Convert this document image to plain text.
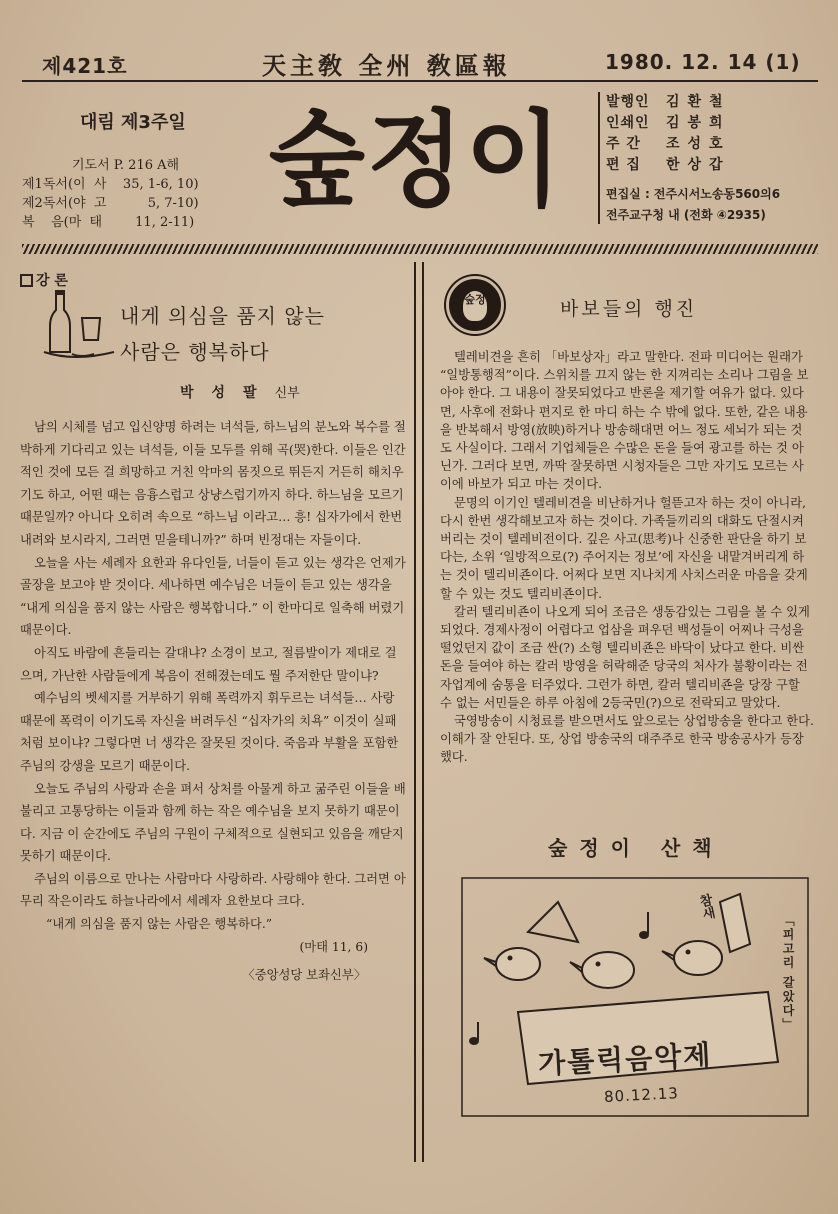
제421호	天主敎 全州 敎區報	1980. 12. 14 (1)
대림 제3주일
기도서 P. 216 A해
제1독서(이  사    35, 1-6, 10)
제2독서(야  고          5, 7-10)
복    음(마  태        11, 2-11)
숲정이	발행인	김환철
인쇄인	김봉희
주 간	조성호
편 집	한상갑
편집실 : 전주시서노송동560의6
전주교구청 내 (전화 ④2935)
강 론
내게 의심을 품지 않는
사람은 행복하다
박성팔신부

남의 시체를 넘고 입신양명 하려는 녀석들, 하느님의 분노와 복수를 절박하게 기다리고 있는 녀석들, 이들 모두를 위해 곡(哭)한다. 이들은 인간적인 것에 모든 걸 희망하고 거친 악마의 몸짓으로 뛰든지 거든히 해치우기도 하고, 어떤 때는 음흉스럽고 상냥스럽기까지 하다. 하느님을 모르기 때문일까? 아니다 오히려 속으로 “하느님 이라고… 흥! 십자가에서 한번 내려와 보시라지, 그러면 믿을테니까?” 하며 빈정대는 자들이다.

오늘을 사는 세례자 요한과 유다인들, 너들이 듣고 있는 생각은 언제가 골장을 보고야 받 것이다. 세나하면 예수님은 너들이 듣고 있는 생각을 “내게 의심을 품지 않는 사람은 행복합니다.” 이 한마디로 일축해 버렸기 때문이다.

아직도 바람에 흔들리는 갈대냐? 소경이 보고, 절름발이가 제대로 걸으며, 가난한 사람들에게 복음이 전해졌는데도 뭘 주저한단 말이냐?

예수님의 벳세지를 거부하기 위해 폭력까지 휘두르는 녀석들… 사랑때문에 폭력이 이기도록 자신을 버려두신 “십자가의 치욕” 이것이 실패처럼 보이냐? 그렇다면 너 생각은 잘못된 것이다. 죽음과 부활을 포함한 주님의 강생을 모르기 때문이다.

오늘도 주님의 사랑과 손을 펴서 상처를 아물게 하고 굶주린 이들을 배불리고 고통당하는 이들과 함께 하는 작은 예수님을 보지 못하기 때문이다. 지금 이 순간에도 주님의 구원이 구체적으로 실현되고 있음을 깨닫지 못하기 때문이다.

주님의 이름으로 만나는 사람마다 사랑하라. 사랑해야 한다. 그러면 아무리 작은이라도 하늘나라에서 세례자 요한보다 크다.

“내게 의심을 품지 않는 사람은 행복하다.”

(마태 11, 6)

〈중앙성당 보좌신부〉

숲정	바보들의 행진

텔레비견을 흔히 「바보상자」라고 말한다. 전파 미디어는 원래가 “일방통행적”이다. 스위치를 끄지 않는 한 지껴리는 소리나 그림을 보아야 한다. 그 내용이 잘못되었다고 반론을 제기할 여유가 없다. 있다면, 사후에 전화나 편지로 한 마디 하는 수 밖에 없다. 또한, 같은 내용을 반복해서 방영(放映)하거나 방송해대면 어느 정도 세뇌가 되는 것도 사실이다. 그래서 기업체들은 수많은 돈을 들여 광고를 하는 것 아닌가. 그러다 보면, 까딱 잘못하면 시청자들은 그만 자기도 모르는 사이에 바보가 되고 마는 것이다.

문명의 이기인 텔레비견을 비난하거나 헐뜯고자 하는 것이 아니라, 다시 한번 생각해보고자 하는 것이다. 가족들끼리의 대화도 단절시켜 버리는 것이 텔레비전이다. 깊은 사고(思考)나 신중한 판단을 하기 보다는, 소위 ‘일방적으로(?) 주어지는 정보’에 자신을 내맡겨버리게 하는 것이 텔리비죤이다. 어쩌다 보면 지나치게 사치스러운 마음을 갖게할 수 있는 것도 텔리비죤이다.

칼러 텔리비죤이 나오게 되어 조금은 생동감있는 그림을 볼 수 있게 되었다. 경제사정이 어렵다고 업삼을 펴우던 백성들이 어찌나 극성을 떨었던지 값이 조금 싼(?) 소형 텔리비죤은 바닥이 났다고 한다. 비싼 돈을 들여야 하는 칼러 방영을 허락해준 당국의 처사가 불황이라는 전자업계에 숨통을 터주었다. 그런가 하면, 칼러 텔리비죤을 당장 구할 수 없는 서민들은 하루 아침에 2등국민(?)으로 전락되고 말았다.

국영방송이 시청료를 받으면서도 앞으로는 상업방송을 한다고 한다. 이해가 잘 안된다. 또, 상업 방송국의 대주주로 한국 방송공사가 등장했다.

숲정이 산책
참새
「피고리 갈았다」
가톨릭음악제
80.12.13
